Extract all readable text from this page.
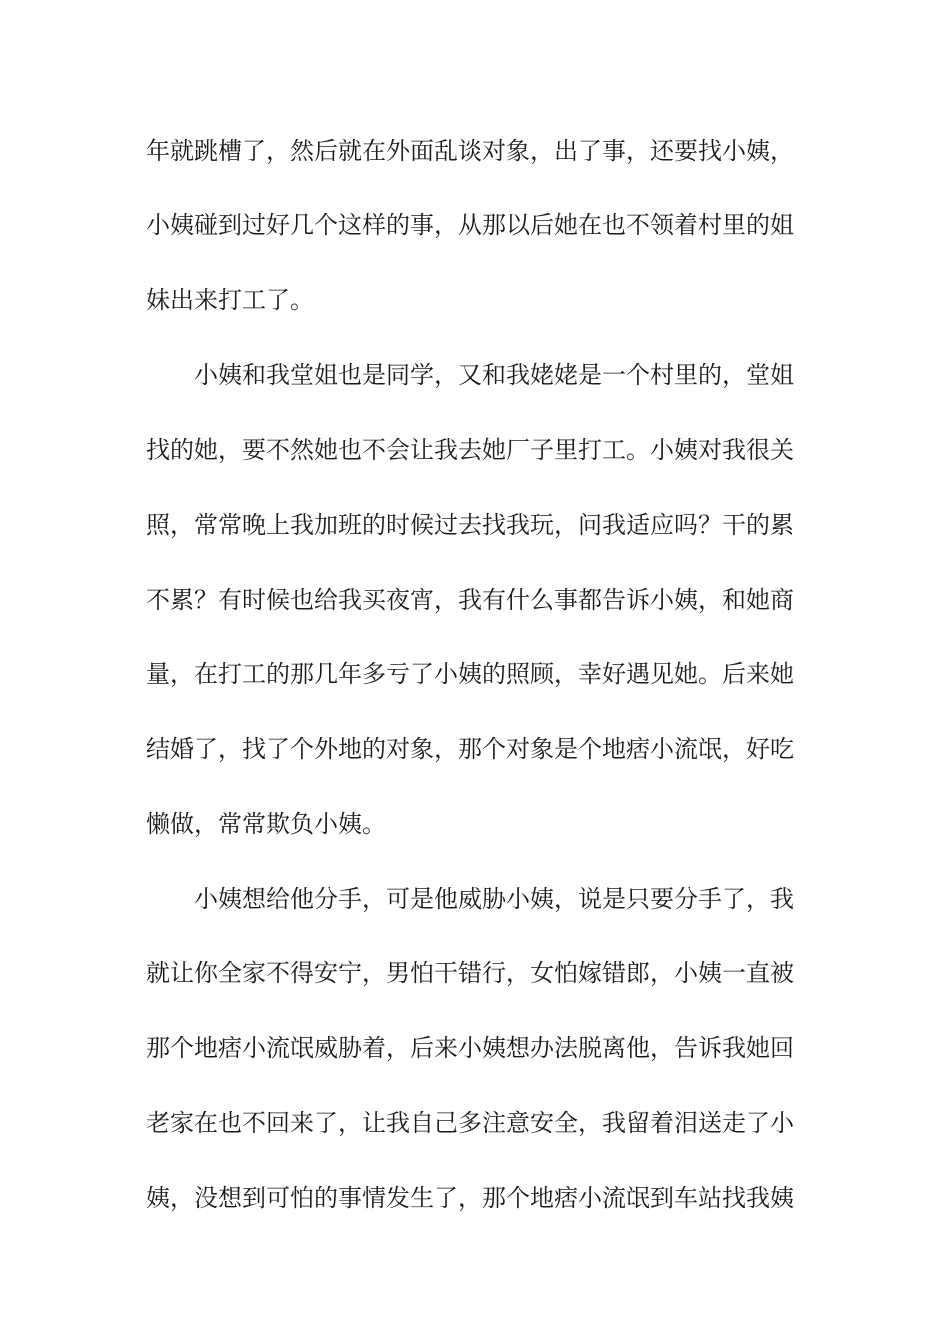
年就跳槽了，然后就在外面乱谈对象，出了事，还要找小姨，
小姨碰到过好几个这样的事，从那以后她在也不领着村里的姐
妹出来打工了。
小姨和我堂姐也是同学，又和我姥姥是一个村里的，堂姐
找的她，要不然她也不会让我去她厂子里打工。小姨对我很关
照，常常晚上我加班的时候过去找我玩，问我适应吗？干的累
不累？有时候也给我买夜宵，我有什么事都告诉小姨，和她商
量，在打工的那几年多亏了小姨的照顾，幸好遇见她。后来她
结婚了，找了个外地的对象，那个对象是个地痞小流氓，好吃
懒做，常常欺负小姨。
小姨想给他分手，可是他威胁小姨，说是只要分手了，我
就让你全家不得安宁，男怕干错行，女怕嫁错郎，小姨一直被
那个地痞小流氓威胁着，后来小姨想办法脱离他，告诉我她回
老家在也不回来了，让我自己多注意安全，我留着泪送走了小
姨，没想到可怕的事情发生了，那个地痞小流氓到车站找我姨
